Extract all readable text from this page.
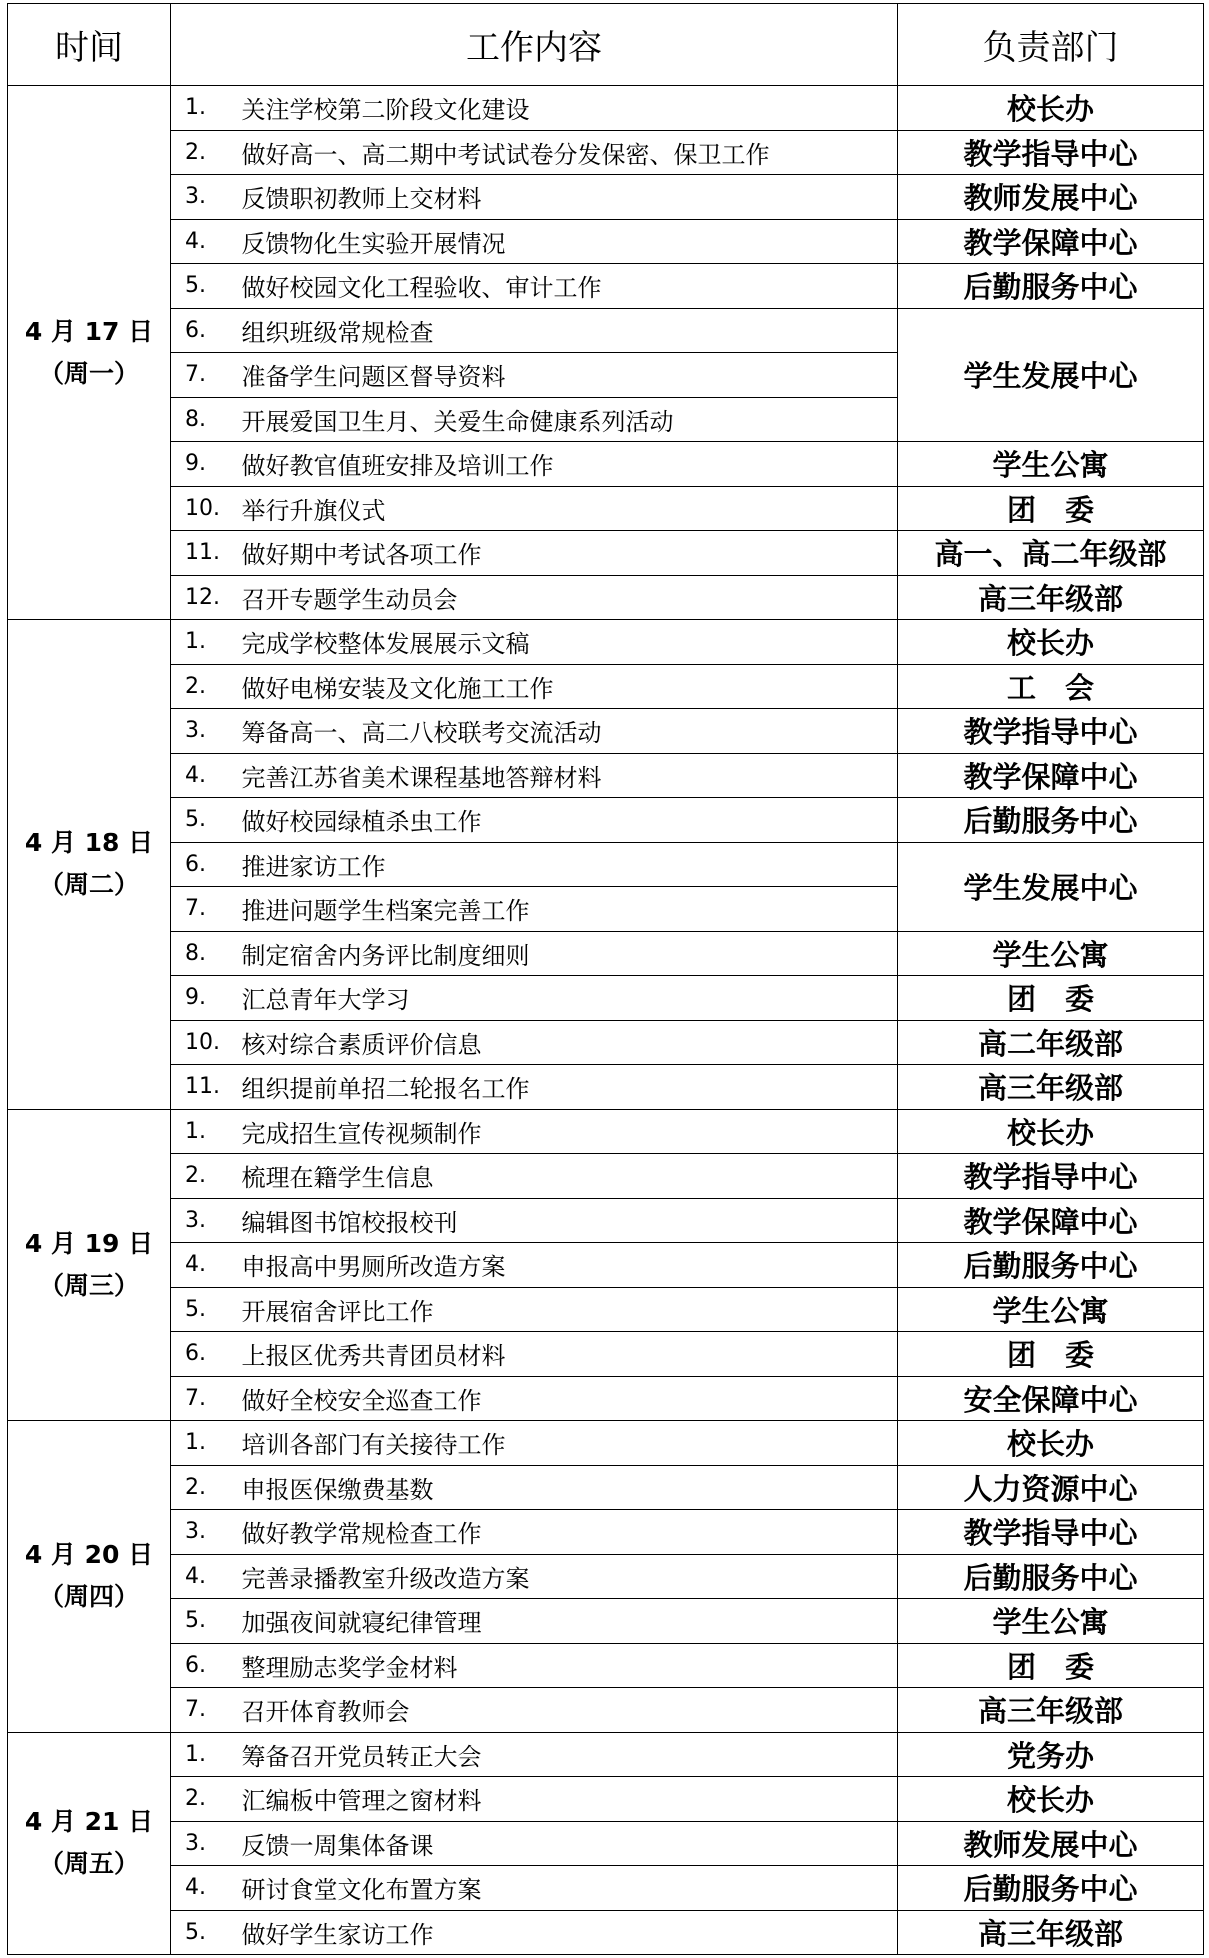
时间	工作内容		负责部门

4 月 17 日
（周一）	1.	关注学校第二阶段文化建设	校长办
	2.	做好高一、高二期中考试试卷分发保密、保卫工作	教学指导中心
	3.	反馈职初教师上交材料	教师发展中心
	4.	反馈物化生实验开展情况	教学保障中心
	5.	做好校园文化工程验收、审计工作	后勤服务中心
	6.	组织班级常规检查	学生发展中心
	7.	准备学生问题区督导资料	
	8.	开展爱国卫生月、关爱生命健康系列活动	
	9.	做好教官值班安排及培训工作	学生公寓
	10.	举行升旗仪式	团　委
	11.	做好期中考试各项工作	高一、高二年级部
	12.	召开专题学生动员会	高三年级部

4 月 18 日
（周二）	1.	完成学校整体发展展示文稿	校长办
	2.	做好电梯安装及文化施工工作	工　会
	3.	筹备高一、高二八校联考交流活动	教学指导中心
	4.	完善江苏省美术课程基地答辩材料	教学保障中心
	5.	做好校园绿植杀虫工作	后勤服务中心
	6.	推进家访工作	学生发展中心
	7.	推进问题学生档案完善工作	
	8.	制定宿舍内务评比制度细则	学生公寓
	9.	汇总青年大学习	团　委
	10.	核对综合素质评价信息	高二年级部
	11.	组织提前单招二轮报名工作	高三年级部

4 月 19 日
（周三）	1.	完成招生宣传视频制作	校长办
	2.	梳理在籍学生信息	教学指导中心
	3.	编辑图书馆校报校刊	教学保障中心
	4.	申报高中男厕所改造方案	后勤服务中心
	5.	开展宿舍评比工作	学生公寓
	6.	上报区优秀共青团员材料	团　委
	7.	做好全校安全巡查工作	安全保障中心

4 月 20 日
（周四）	1.	培训各部门有关接待工作	校长办
	2.	申报医保缴费基数	人力资源中心
	3.	做好教学常规检查工作	教学指导中心
	4.	完善录播教室升级改造方案	后勤服务中心
	5.	加强夜间就寝纪律管理	学生公寓
	6.	整理励志奖学金材料	团　委
	7.	召开体育教师会	高三年级部

4 月 21 日
（周五）	1.	筹备召开党员转正大会	党务办
	2.	汇编板中管理之窗材料	校长办
	3.	反馈一周集体备课	教师发展中心
	4.	研讨食堂文化布置方案	后勤服务中心
	5.	做好学生家访工作	高三年级部
